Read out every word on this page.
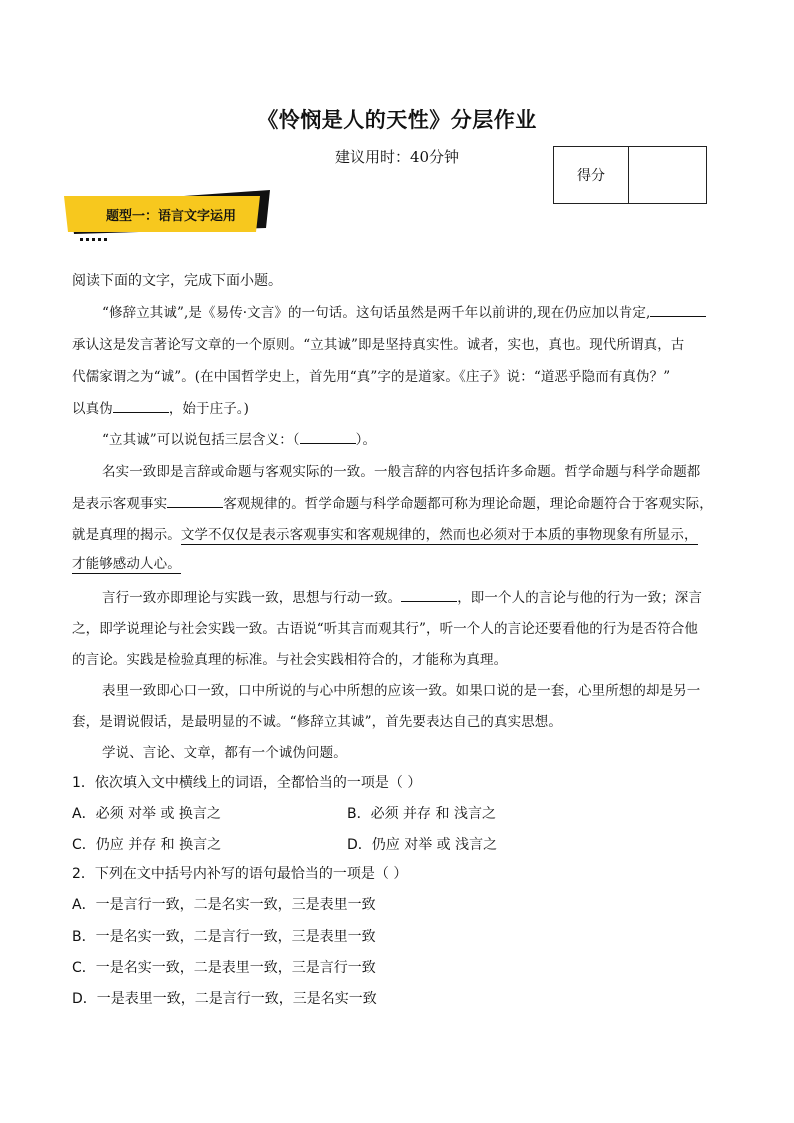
《怜悯是人的天性》分层作业
建议用时：40分钟
得分
题型一：语言文字运用
阅读下面的文字，完成下面小题。
“修辞立其诚”,是《易传·文言》的一句话。这句话虽然是两千年以前讲的,现在仍应加以肯定,
承认这是发言著论写文章的一个原则。“立其诚”即是坚持真实性。诚者，实也，真也。现代所谓真，古
代儒家谓之为“诚”。(在中国哲学史上，首先用“真”字的是道家。《庄子》说：“道恶乎隐而有真伪？”
以真伪	，始于庄子。)
“立其诚”可以说包括三层含义：（	）。
名实一致即是言辞或命题与客观实际的一致。一般言辞的内容包括许多命题。哲学命题与科学命题都
是表示客观事实	客观规律的。哲学命题与科学命题都可称为理论命题，理论命题符合于客观实际，
就是真理的揭示。文学不仅仅是表示客观事实和客观规律的，然而也必须对于本质的事物现象有所显示，
才能够感动人心。
言行一致亦即理论与实践一致，思想与行动一致。	，即一个人的言论与他的行为一致；深言
之，即学说理论与社会实践一致。古语说“听其言而观其行”，听一个人的言论还要看他的行为是否符合他
的言论。实践是检验真理的标准。与社会实践相符合的，才能称为真理。
表里一致即心口一致，口中所说的与心中所想的应该一致。如果口说的是一套，心里所想的却是另一
套，是谓说假话，是最明显的不诚。“修辞立其诚”，首先要表达自己的真实思想。
学说、言论、文章，都有一个诚伪问题。
1．依次填入文中横线上的词语，全都恰当的一项是（ ）
A．必须 对举 或 换言之	B．必须 并存 和 浅言之
C．仍应 并存 和 换言之	D．仍应 对举 或 浅言之
2．下列在文中括号内补写的语句最恰当的一项是（ ）
A．一是言行一致，二是名实一致，三是表里一致
B．一是名实一致，二是言行一致，三是表里一致
C．一是名实一致，二是表里一致，三是言行一致
D．一是表里一致，二是言行一致，三是名实一致
